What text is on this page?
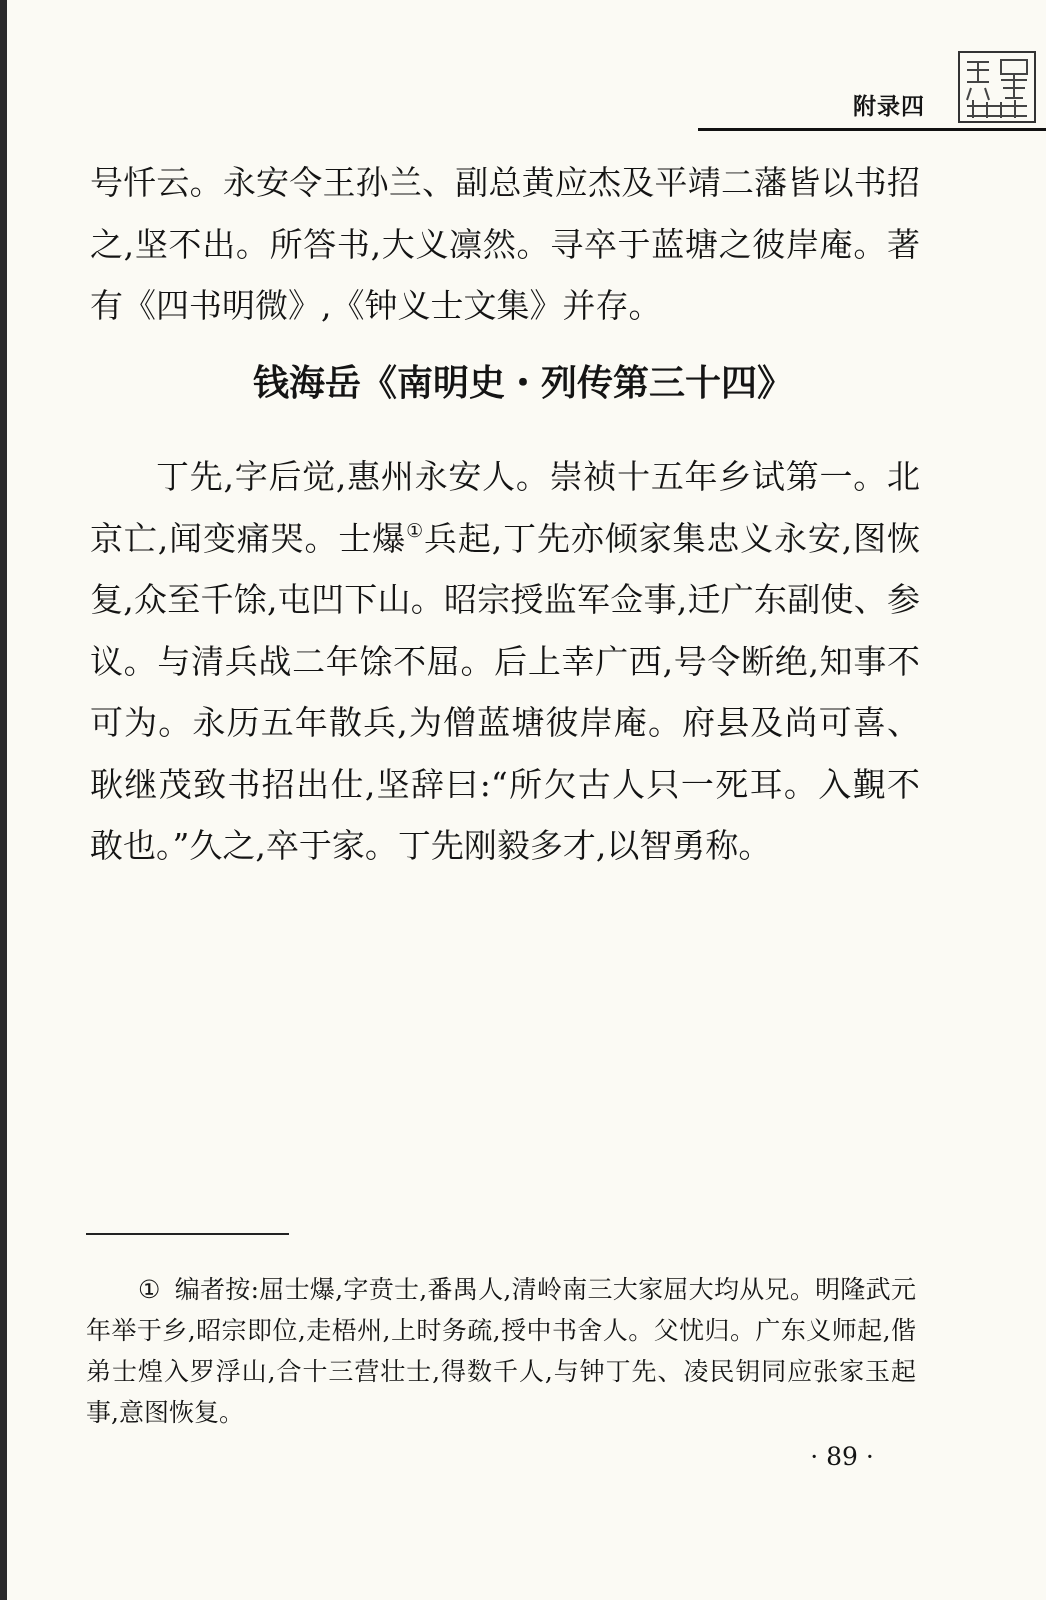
附录四

号忏云。永安令王孙兰、副总黄应杰及平靖二藩皆以书招之,坚不出。所答书,大义凛然。寻卒于蓝塘之彼岸庵。著有《四书明微》,《钟义士文集》并存。

钱海岳《南明史・列传第三十四》

丁先,字后觉,惠州永安人。崇祯十五年乡试第一。北京亡,闻变痛哭。士爆①兵起,丁先亦倾家集忠义永安,图恢复,众至千馀,屯凹下山。昭宗授监军佥事,迁广东副使、参议。与清兵战二年馀不屈。后上幸广西,号令断绝,知事不可为。永历五年散兵,为僧蓝塘彼岸庵。府县及尚可喜、耿继茂致书招出仕,坚辞曰:“所欠古人只一死耳。入覲不敢也。”久之,卒于家。丁先刚毅多才,以智勇称。

① 编者按:屈士爆,字贲士,番禺人,清岭南三大家屈大均从兄。明隆武元年举于乡,昭宗即位,走梧州,上时务疏,授中书舍人。父忧归。广东义师起,偕弟士煌入罗浮山,合十三营壮士,得数千人,与钟丁先、凌民钥同应张家玉起事,意图恢复。

· 89 ·
